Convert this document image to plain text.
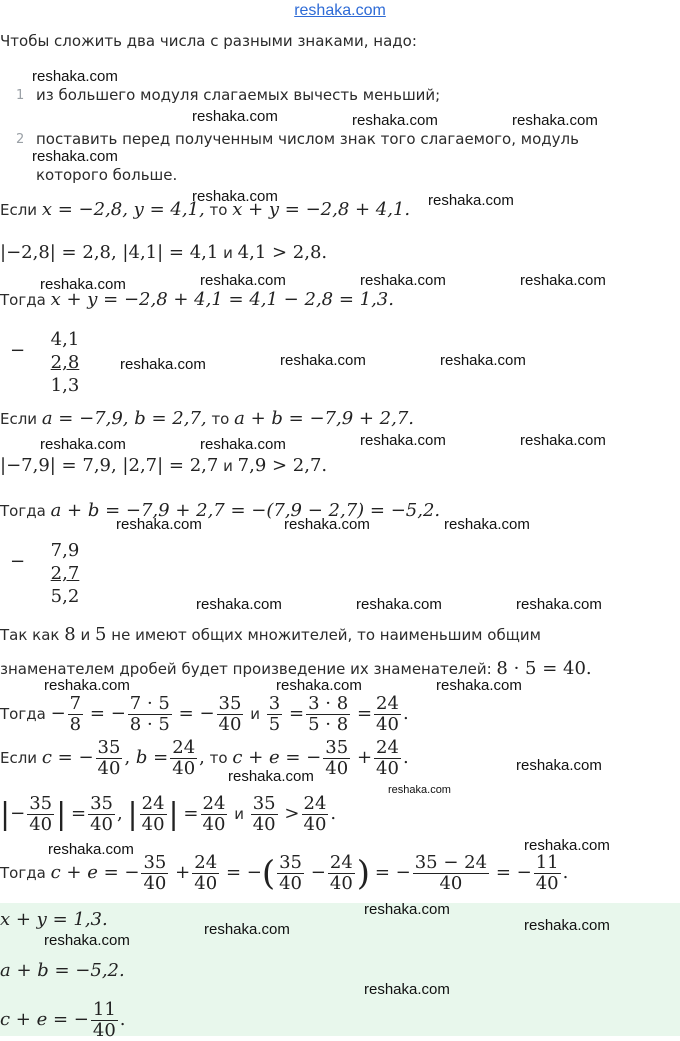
reshaka.com
Чтобы сложить два числа с разными знаками, надо:
1 из большего модуля слагаемых вычесть меньший;
2 поставить перед полученным числом знак того слагаемого, модуль
которого больше.
Если x = −2,8, y = 4,1, то x + y = −2,8 + 4,1.
|−2,8| = 2,8, |4,1| = 4,1 и 4,1 > 2,8.
Тогда x + y = −2,8 + 4,1 = 4,1 − 2,8 = 1,3.
−
4,1
2,8
1,3
Если a = −7,9, b = 2,7, то a + b = −7,9 + 2,7.
|−7,9| = 7,9, |2,7| = 2,7 и 7,9 > 2,7.
Тогда a + b = −7,9 + 2,7 = −(7,9 − 2,7) = −5,2.
−
7,9
2,7
5,2
Так как 8 и 5 не имеют общих множителей, то наименьшим общим
знаменателем дробей будет произведение их знаменателей: 8 · 5 = 40.
Тогда − $\frac{7}{8}$ = − $\frac{7 \cdot 5}{8 \cdot 5}$ = − $\frac{35}{40}$ и $\frac{3}{5} = \frac{3 \cdot 8}{5 \cdot 8} = \frac{24}{40}$ .
Если c = − $\frac{35}{40}$ , $b = \frac{24}{40}$ , то c + e = − $\frac{35}{40} + \frac{24}{40}$ .
|− $\frac{35}{40}$ | = $\frac{35}{40}$ , | $\frac{24}{40}$ | = $\frac{24}{40}$ и $\frac{35}{40} > \frac{24}{40}$ .
Тогда c + e = − $\frac{35}{40} + \frac{24}{40}$ = −( $\frac{35}{40} - \frac{24}{40}$ ) = − $\frac{35 - 24}{40}$ = − $\frac{11}{40}$ .
x + y = 1,3.
a + b = −5,2.
c + e = − $\frac{11}{40}$ .
reshaka.com
reshaka.com	reshaka.com	reshaka.com
reshaka.com
reshaka.com	reshaka.com
reshaka.com	reshaka.com	reshaka.com	reshaka.com
reshaka.com	reshaka.com	reshaka.com
reshaka.com	reshaka.com	reshaka.com	reshaka.com
reshaka.com	reshaka.com	reshaka.com
reshaka.com	reshaka.com	reshaka.com
reshaka.com	reshaka.com	reshaka.com
reshaka.com
reshaka.com
reshaka.com
reshaka.com	reshaka.com
reshaka.com
reshaka.com
reshaka.com	reshaka.com
reshaka.com
